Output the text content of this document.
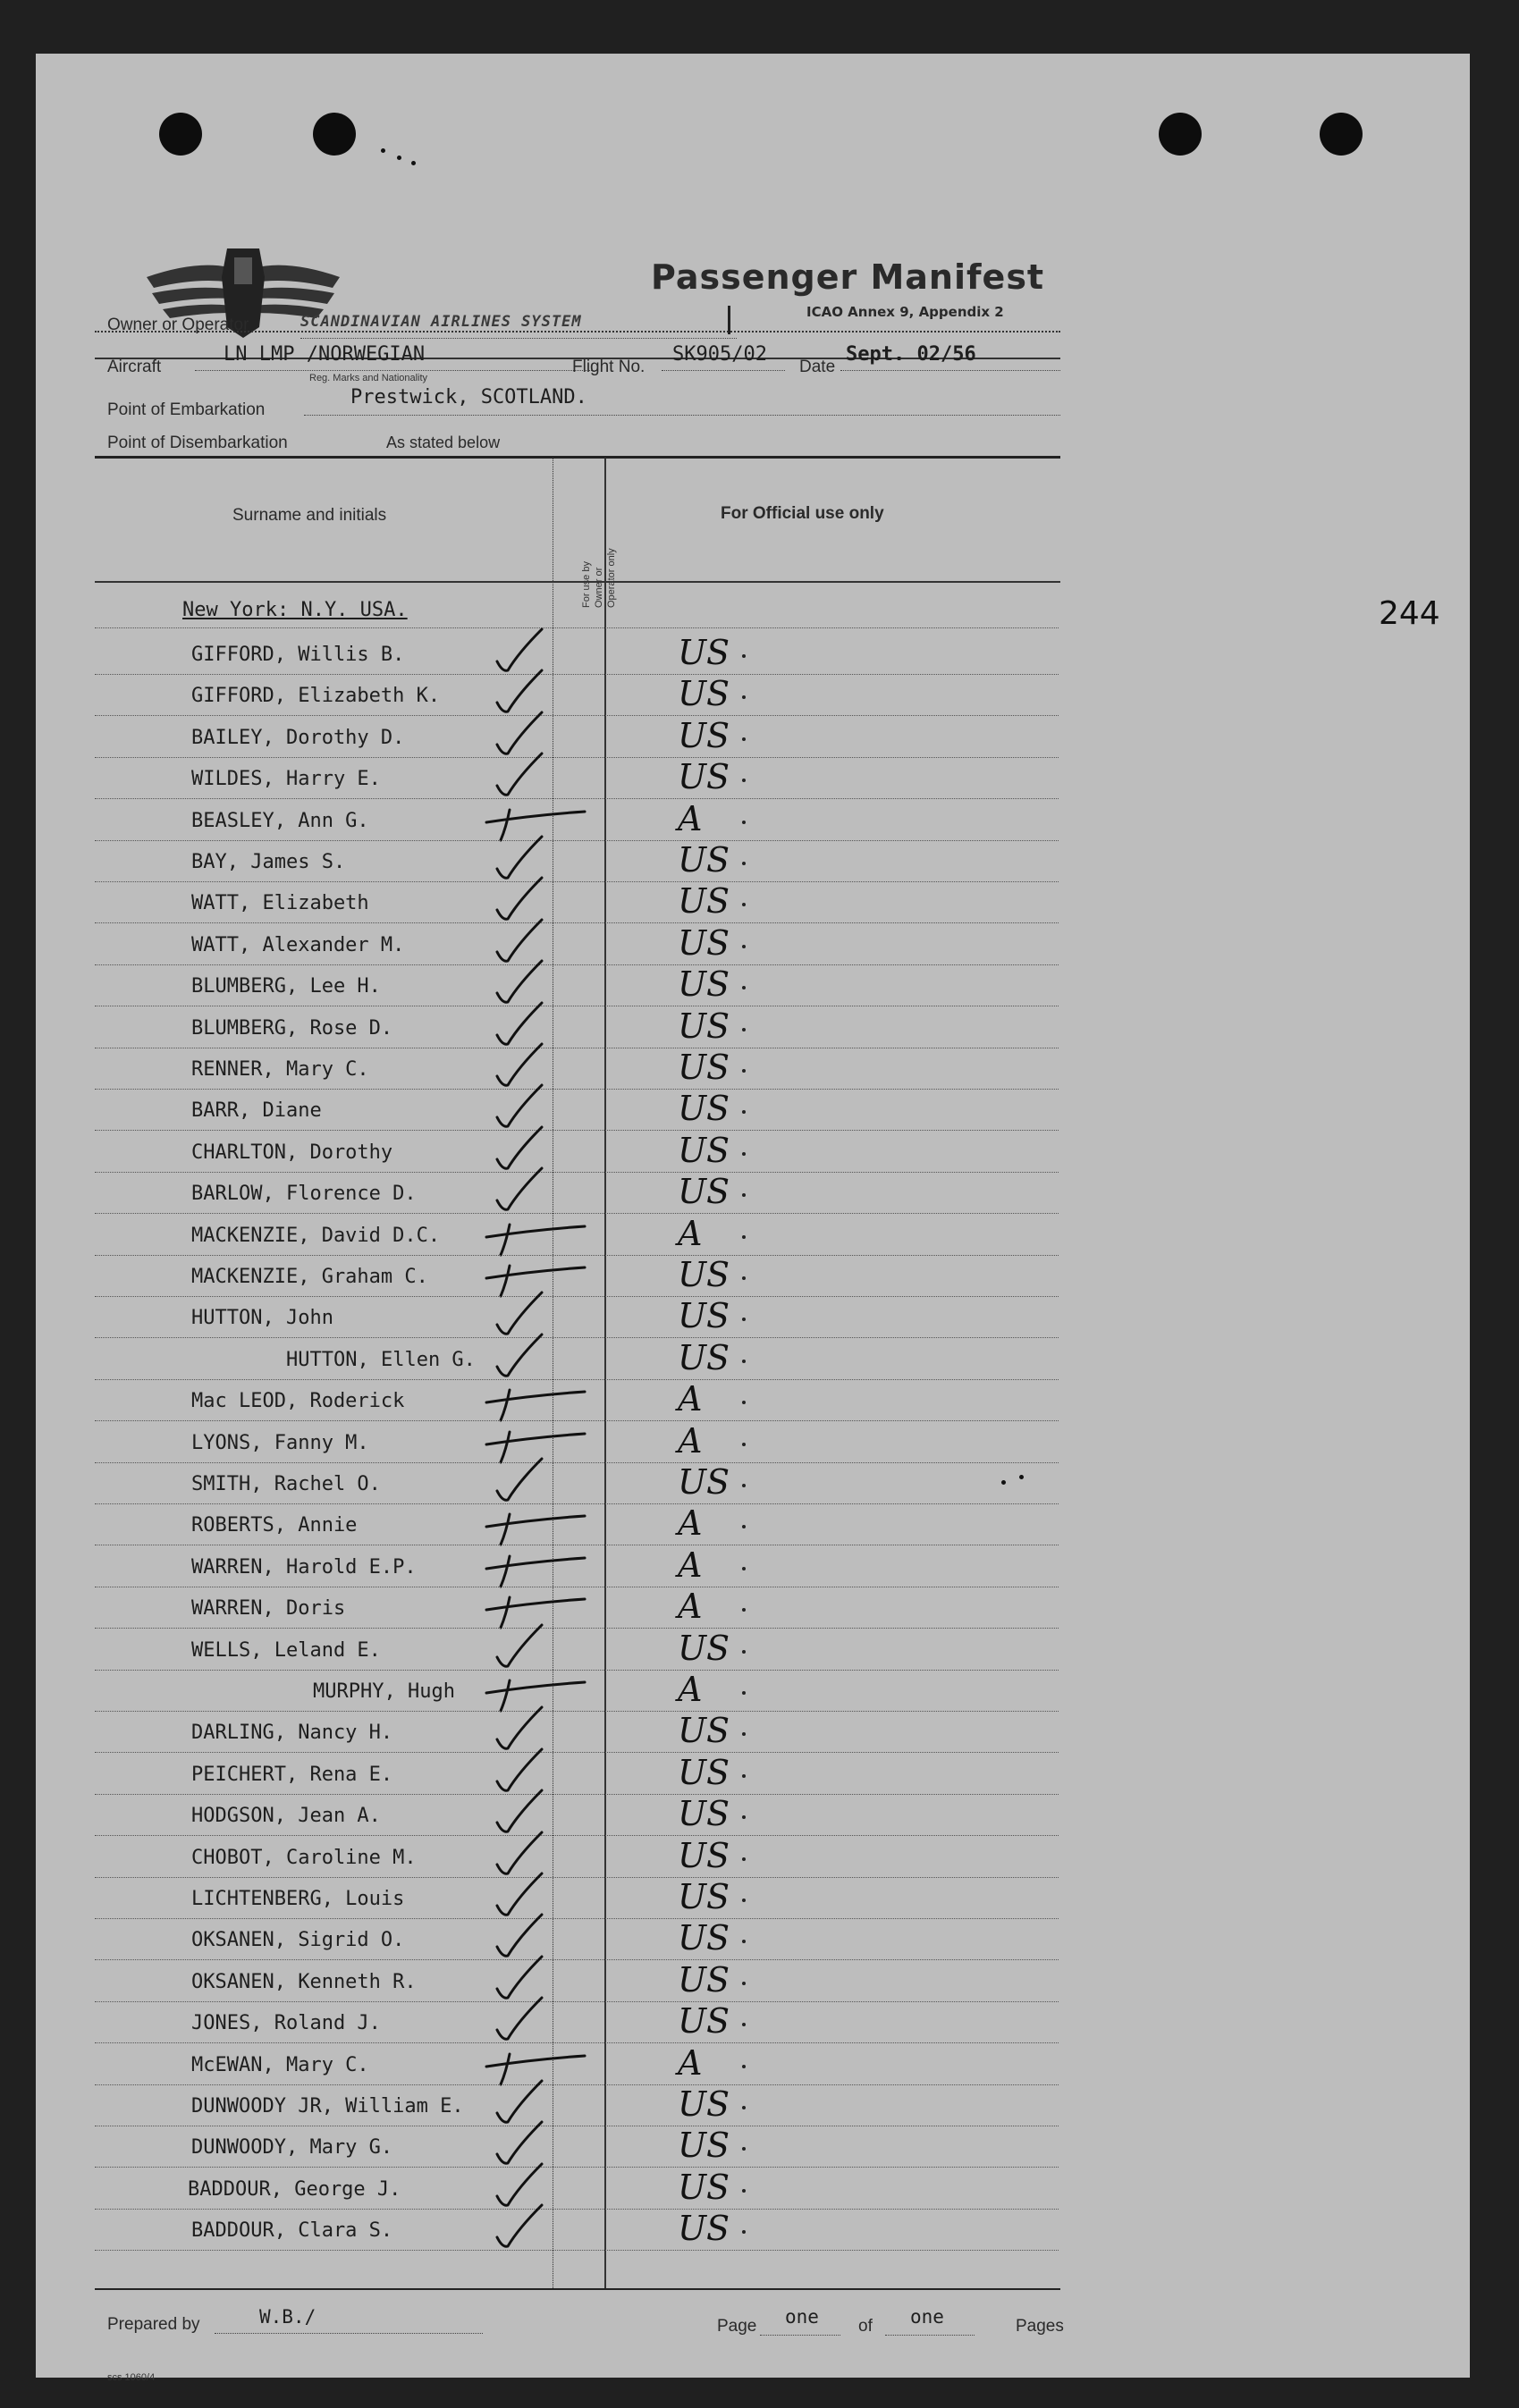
Passenger Manifest
ICAO Annex 9, Appendix 2
244
Owner or Operator	SCANDINAVIAN AIRLINES SYSTEM
Aircraft
LN LMP /NORWEGIAN
Reg. Marks and Nationality
Flight No.
SK905/02
Date
Sept. 02/56
Point of Embarkation
Prestwick, SCOTLAND.
Point of Disembarkation	As stated below
Surname and initials
For use by Owner or Operator only
For Official use only
New York: N.Y. USA.
GIFFORD, Willis B.	US
GIFFORD, Elizabeth K.	US
BAILEY, Dorothy D.	US
WILDES, Harry E.	US
BEASLEY, Ann G.	A
BAY, James S.	US
WATT, Elizabeth	US
WATT, Alexander M.	US
BLUMBERG, Lee H.	US
BLUMBERG, Rose D.	US
RENNER, Mary C.	US
BARR, Diane	US
CHARLTON, Dorothy	US
BARLOW, Florence D.	US
MACKENZIE, David D.C.	A
MACKENZIE, Graham C.	US
HUTTON, John	US
HUTTON, Ellen G.	US
Mac LEOD, Roderick	A
LYONS, Fanny M.	A
SMITH, Rachel O.	US
ROBERTS, Annie	A
WARREN, Harold E.P.	A
WARREN, Doris	A
WELLS, Leland E.	US
MURPHY, Hugh	A
DARLING, Nancy H.	US
PEICHERT, Rena E.	US
HODGSON, Jean A.	US
CHOBOT, Caroline M.	US
LICHTENBERG, Louis	US
OKSANEN, Sigrid O.	US
OKSANEN, Kenneth R.	US
JONES, Roland J.	US
McEWAN, Mary C.	A
DUNWOODY JR, William E.	US
DUNWOODY, Mary G.	US
BADDOUR, George J.	US
BADDOUR, Clara S.	US
Prepared by	W.B./	Page one of one	Pages
scs 1060/4
